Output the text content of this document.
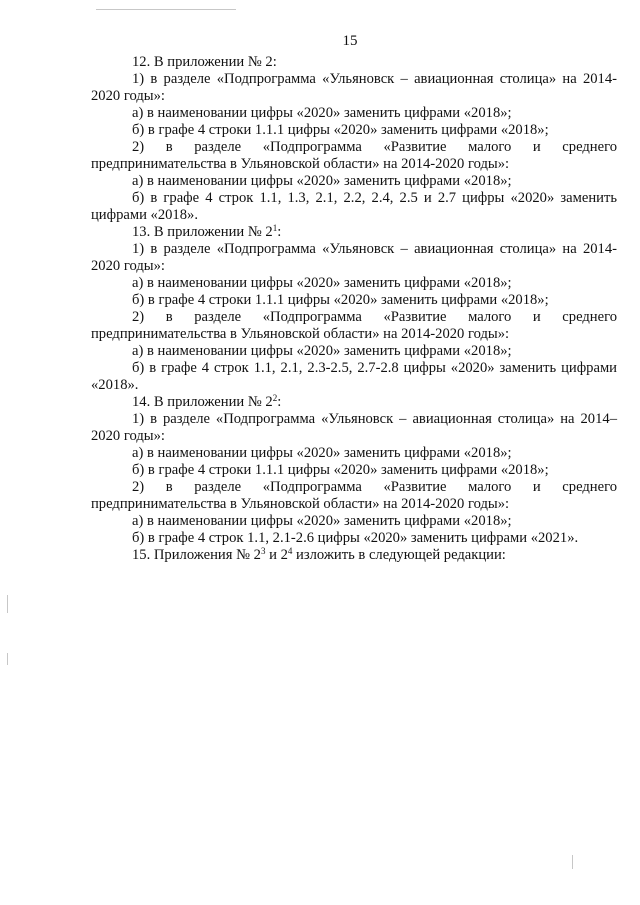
15

12. В приложении № 2:

1) в разделе «Подпрограмма «Ульяновск – авиационная столица» на 2014-2020 годы»:

а) в наименовании цифры «2020» заменить цифрами «2018»;

б) в графе 4 строки 1.1.1 цифры «2020» заменить цифрами «2018»;

2) в разделе «Подпрограмма «Развитие малого и среднего предпринимательства в Ульяновской области» на 2014-2020 годы»:

а) в наименовании цифры «2020» заменить цифрами «2018»;

б) в графе 4 строк 1.1, 1.3, 2.1, 2.2, 2.4, 2.5 и 2.7 цифры «2020» заменить цифрами «2018».

13. В приложении № $2^1$:

1) в разделе «Подпрограмма «Ульяновск – авиационная столица» на 2014-2020 годы»:

а) в наименовании цифры «2020» заменить цифрами «2018»;

б) в графе 4 строки 1.1.1 цифры «2020» заменить цифрами «2018»;

2) в разделе «Подпрограмма «Развитие малого и среднего предпринимательства в Ульяновской области» на 2014-2020 годы»:

а) в наименовании цифры «2020» заменить цифрами «2018»;

б) в графе 4 строк 1.1, 2.1, 2.3-2.5, 2.7-2.8 цифры «2020» заменить цифрами «2018».

14. В приложении № $2^2$:

1) в разделе «Подпрограмма «Ульяновск – авиационная столица» на 2014–2020 годы»:

а) в наименовании цифры «2020» заменить цифрами «2018»;

б) в графе 4 строки 1.1.1 цифры «2020» заменить цифрами «2018»;

2) в разделе «Подпрограмма «Развитие малого и среднего предпринимательства в Ульяновской области» на 2014-2020 годы»:

а) в наименовании цифры «2020» заменить цифрами «2018»;

б) в графе 4 строк 1.1, 2.1-2.6 цифры «2020» заменить цифрами «2021».

15. Приложения № $2^3$ и $2^4$ изложить в следующей редакции:
